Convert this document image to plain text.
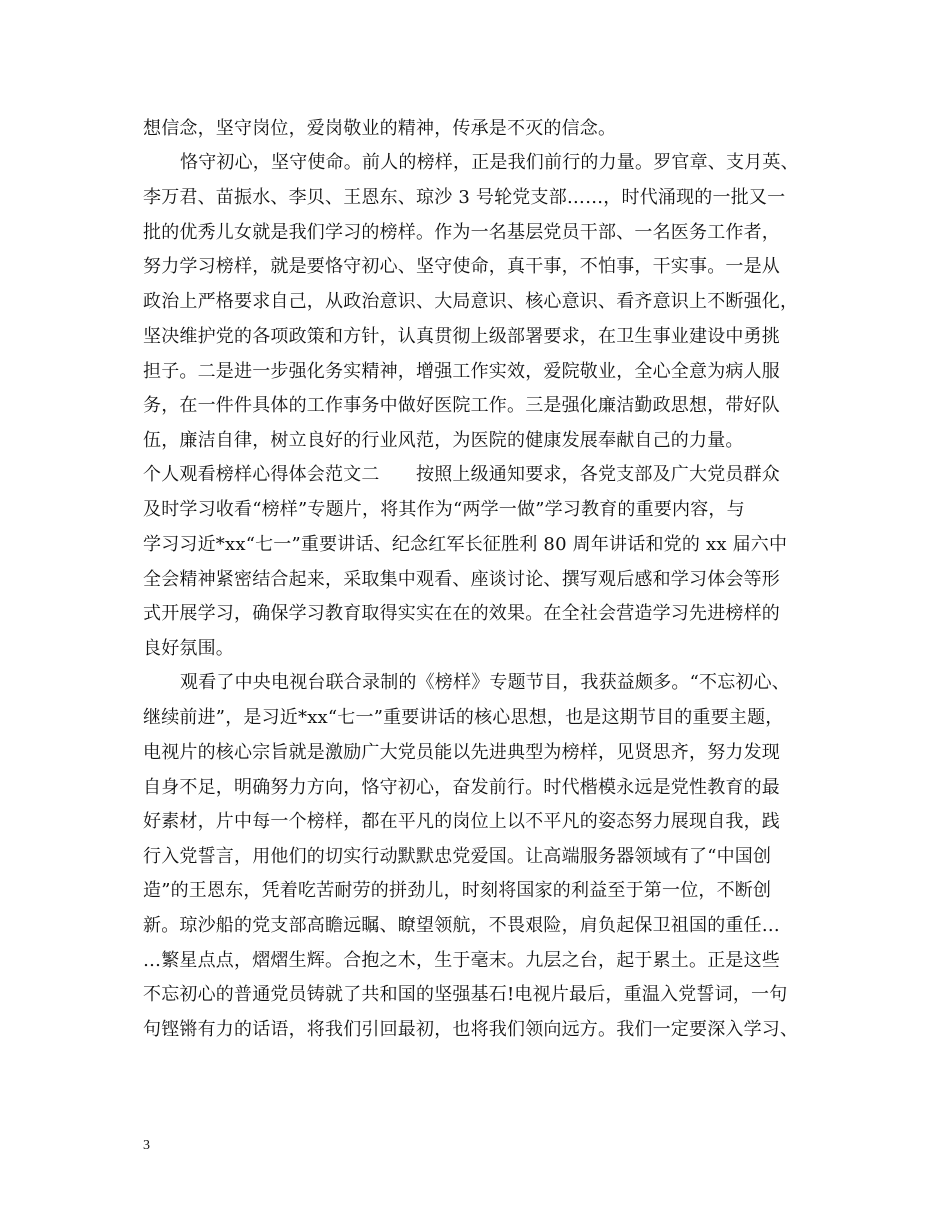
想信念，坚守岗位，爱岗敬业的精神，传承是不灭的信念。
恪守初心，坚守使命。前人的榜样，正是我们前行的力量。罗官章、支月英、
李万君、苗振水、李贝、王恩东、琼沙 3 号轮党支部……，时代涌现的一批又一
批的优秀儿女就是我们学习的榜样。作为一名基层党员干部、一名医务工作者，
努力学习榜样，就是要恪守初心、坚守使命，真干事，不怕事，干实事。一是从
政治上严格要求自己，从政治意识、大局意识、核心意识、看齐意识上不断强化，
坚决维护党的各项政策和方针，认真贯彻上级部署要求，在卫生事业建设中勇挑
担子。二是进一步强化务实精神，增强工作实效，爱院敬业，全心全意为病人服
务，在一件件具体的工作事务中做好医院工作。三是强化廉洁勤政思想，带好队
伍，廉洁自律，树立良好的行业风范，为医院的健康发展奉献自己的力量。
个人观看榜样心得体会范文二　　按照上级通知要求，各党支部及广大党员群众
及时学习收看“榜样”专题片，将其作为“两学一做”学习教育的重要内容，与
学习习近*xx“七一”重要讲话、纪念红军长征胜利 80 周年讲话和党的 xx 届六中
全会精神紧密结合起来，采取集中观看、座谈讨论、撰写观后感和学习体会等形
式开展学习，确保学习教育取得实实在在的效果。在全社会营造学习先进榜样的
良好氛围。
观看了中央电视台联合录制的《榜样》专题节目，我获益颇多。“不忘初心、
继续前进”，是习近*xx“七一”重要讲话的核心思想，也是这期节目的重要主题，
电视片的核心宗旨就是激励广大党员能以先进典型为榜样，见贤思齐，努力发现
自身不足，明确努力方向，恪守初心，奋发前行。时代楷模永远是党性教育的最
好素材，片中每一个榜样，都在平凡的岗位上以不平凡的姿态努力展现自我，践
行入党誓言，用他们的切实行动默默忠党爱国。让高端服务器领域有了“中国创
造”的王恩东，凭着吃苦耐劳的拼劲儿，时刻将国家的利益至于第一位，不断创
新。琼沙船的党支部高瞻远瞩、瞭望领航，不畏艰险，肩负起保卫祖国的重任…
…繁星点点，熠熠生辉。合抱之木，生于毫末。九层之台，起于累土。正是这些
不忘初心的普通党员铸就了共和国的坚强基石!电视片最后，重温入党誓词，一句
句铿锵有力的话语，将我们引回最初，也将我们领向远方。我们一定要深入学习、
3
